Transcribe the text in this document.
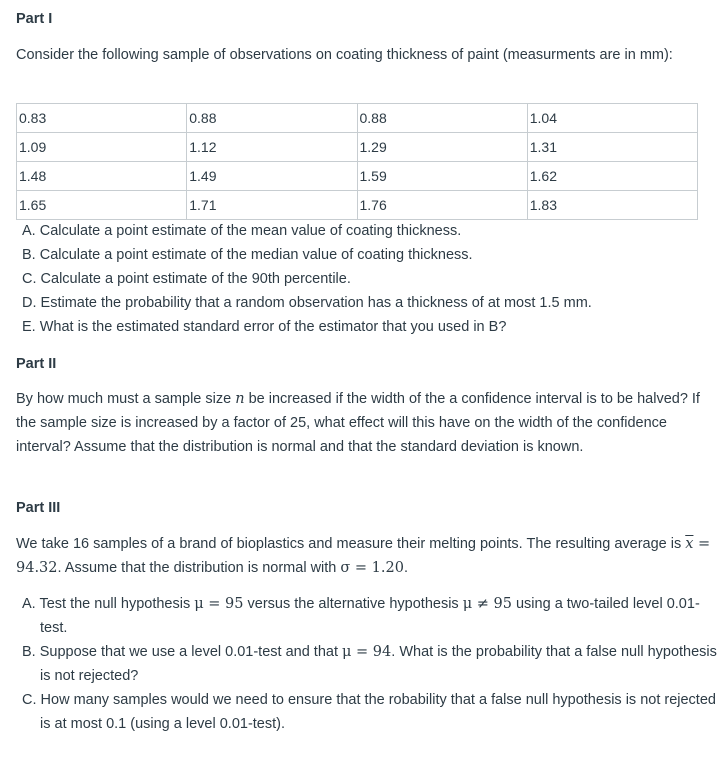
Part I

Consider the following sample of observations on coating thickness of paint (measurments are in mm):

0.83	0.88	0.88	1.04
1.09	1.12	1.29	1.31
1.48	1.49	1.59	1.62
1.65	1.71	1.76	1.83
A. Calculate a point estimate of the mean value of coating thickness.
B. Calculate a point estimate of the median value of coating thickness.
C. Calculate a point estimate of the 90th percentile.
D. Estimate the probability that a random observation has a thickness of at most 1.5 mm.
E. What is the estimated standard error of the estimator that you used in B?

Part II

By how much must a sample size n be increased if the width of the a confidence interval is to be halved? If the sample size is increased by a factor of 25, what effect will this have on the width of the confidence interval? Assume that the distribution is normal and that the standard deviation is known.

Part III

We take 16 samples of a brand of bioplastics and measure their melting points. The resulting average is $\overline{x} = 94.32$. Assume that the distribution is normal with σ = 1.20.

A. Test the null hypothesis μ = 95 versus the alternative hypothesis μ ≠ 95 using a two-tailed level 0.01-test.
B. Suppose that we use a level 0.01-test and that μ = 94. What is the probability that a false null hypothesis is not rejected?
C. How many samples would we need to ensure that the robability that a false null hypothesis is not rejected is at most 0.1 (using a level 0.01-test).
